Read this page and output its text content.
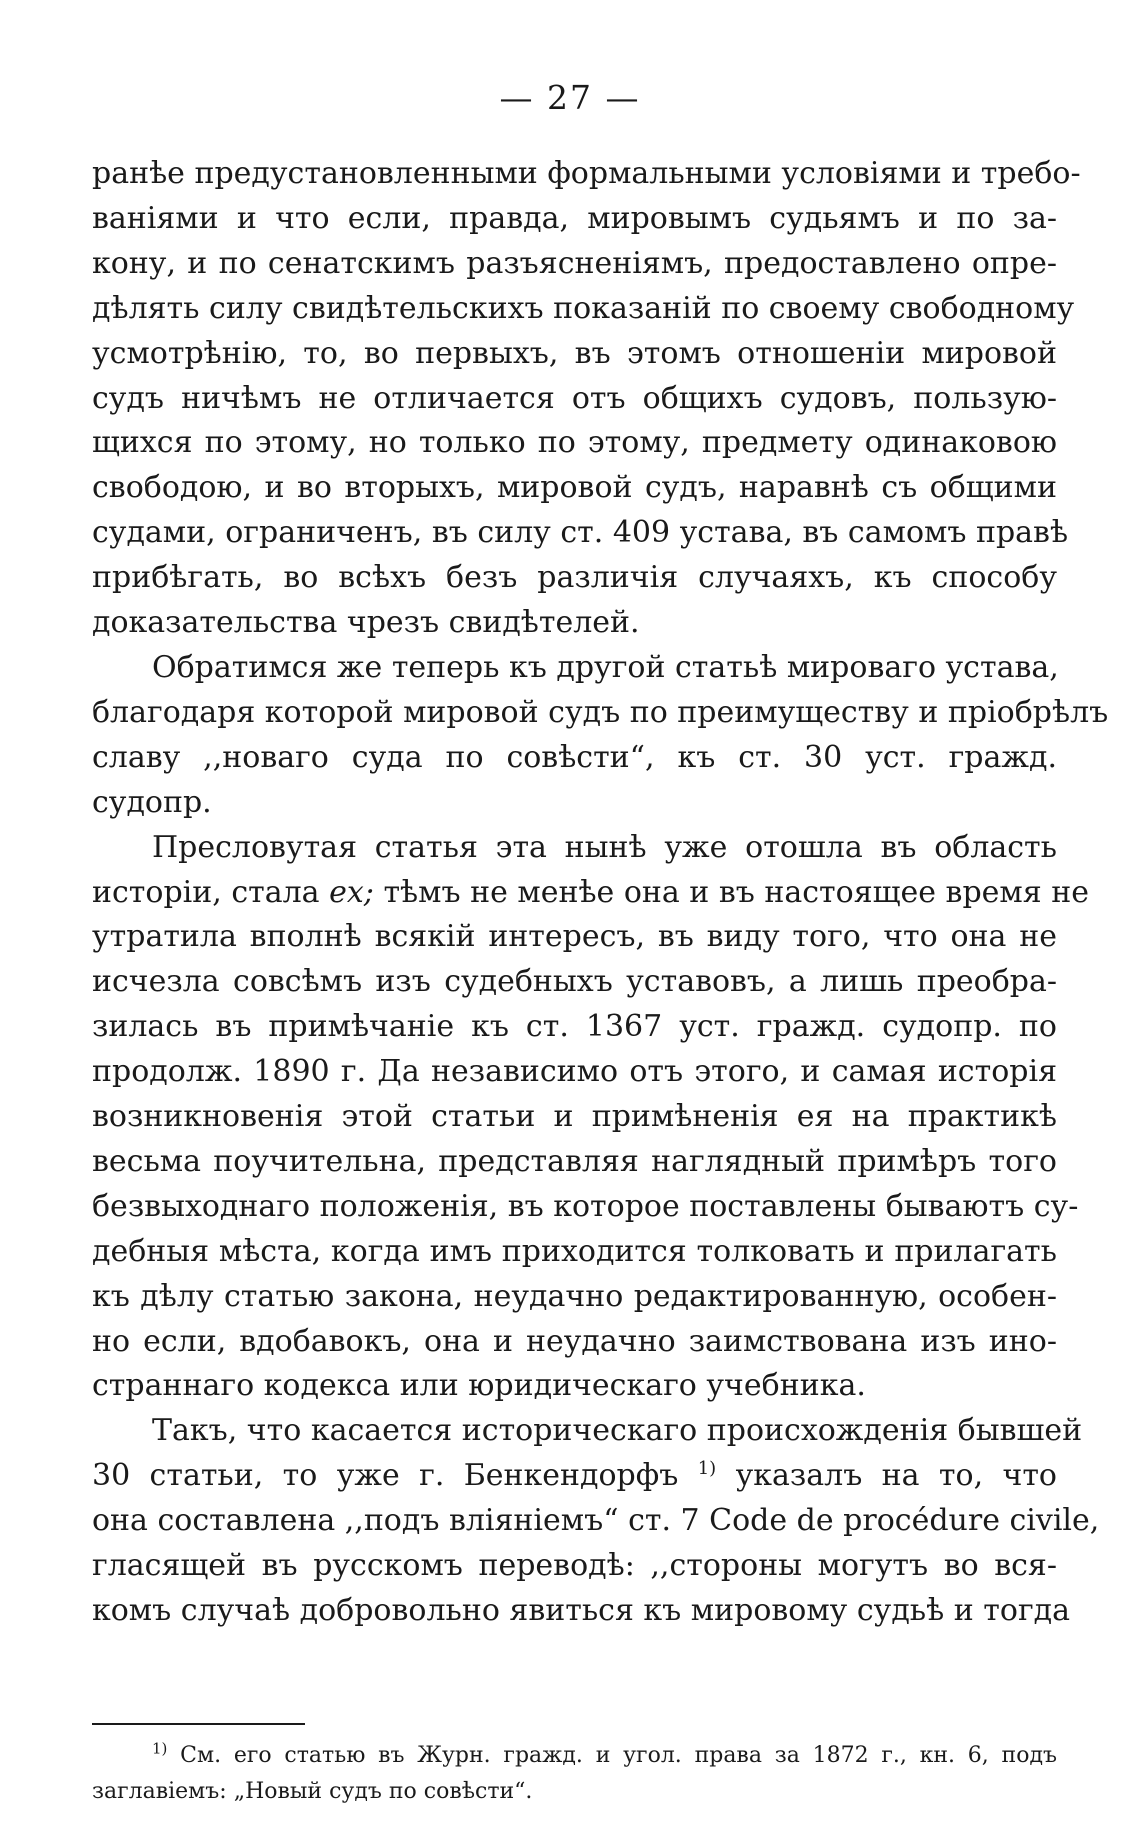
— 27 —
ранѣе предустановленными формальными условіями и требо-
ваніями и что если, правда, мировымъ судьямъ и по за-
кону, и по сенатскимъ разъясненіямъ, предоставлено опре-
дѣлять силу свидѣтельскихъ показаній по своему свободному
усмотрѣнію, то, во первыхъ, въ этомъ отношеніи мировой
судъ ничѣмъ не отличается отъ общихъ судовъ, пользую-
щихся по этому, но только по этому, предмету одинаковою
свободою, и во вторыхъ, мировой судъ, наравнѣ съ общими
судами, ограниченъ, въ силу ст. 409 устава, въ самомъ правѣ
прибѣгать, во всѣхъ безъ различія случаяхъ, къ способу
доказательства чрезъ свидѣтелей.
Обратимся же теперь къ другой статьѣ мироваго устава,
благодаря которой мировой судъ по преимуществу и пріобрѣлъ
славу ,,новаго суда по совѣсти“, къ ст. 30 уст. гражд.
судопр.
Пресловутая статья эта нынѣ уже отошла въ область
исторіи, стала ex; тѣмъ не менѣе она и въ настоящее время не
утратила вполнѣ всякій интересъ, въ виду того, что она не
исчезла совсѣмъ изъ судебныхъ уставовъ, а лишь преобра-
зилась въ примѣчаніе къ ст. 1367 уст. гражд. судопр. по
продолж. 1890 г. Да независимо отъ этого, и самая исторія
возникновенія этой статьи и примѣненія ея на практикѣ
весьма поучительна, представляя наглядный примѣръ того
безвыходнаго положенія, въ которое поставлены бываютъ су-
дебныя мѣста, когда имъ приходится толковать и прилагать
къ дѣлу статью закона, неудачно редактированную, особен-
но если, вдобавокъ, она и неудачно заимствована изъ ино-
страннаго кодекса или юридическаго учебника.
Такъ, что касается историческаго происхожденія бывшей
30 статьи, то уже г. Бенкендорфъ $^{1)}$ указалъ на то, что
она составлена ,,подъ вліяніемъ“ ст. 7 Code de procédure civile,
гласящей въ русскомъ переводѣ: ,,стороны могутъ во вся-
комъ случаѣ добровольно явиться къ мировому судьѣ и тогда
$^{1)}$ См. его статью въ Журн. гражд. и угол. права за 1872 г., кн. 6, подъ
заглавіемъ: „Новый судъ по совѣсти“.
